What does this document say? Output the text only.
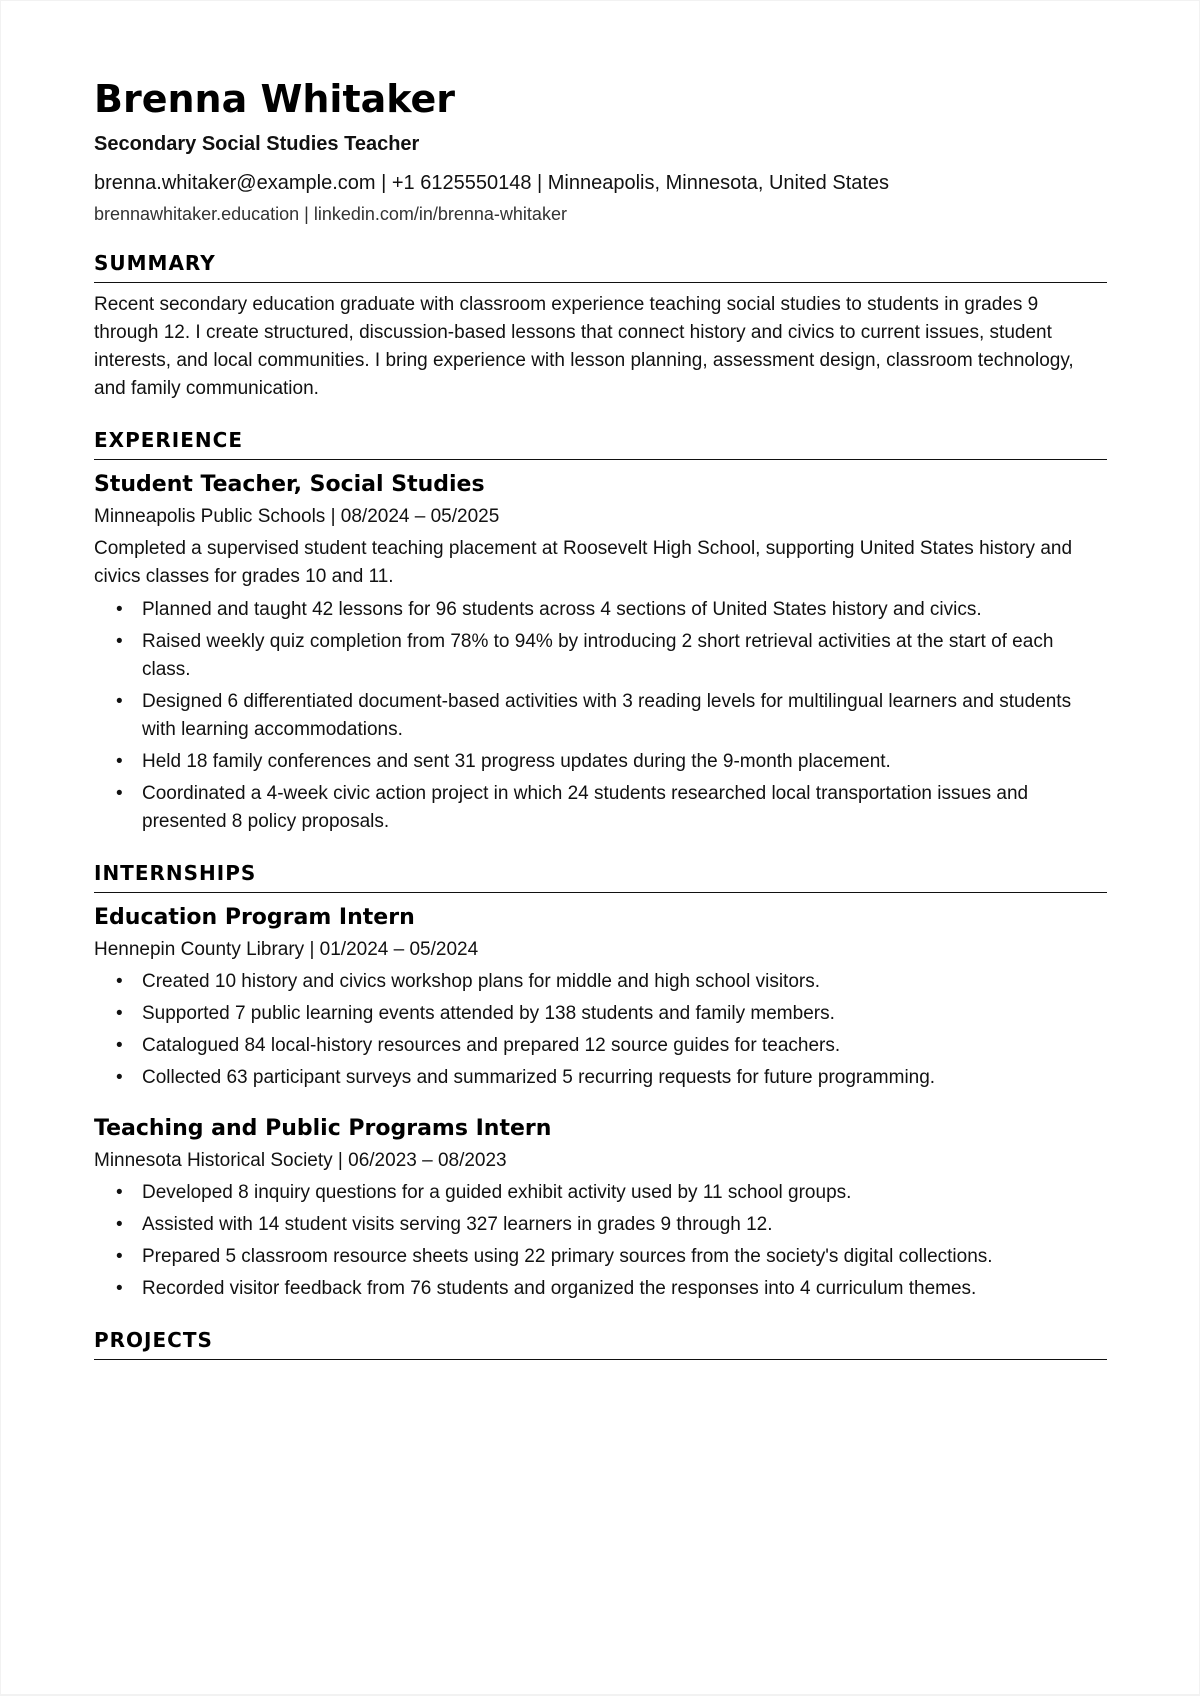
Brenna Whitaker
Secondary Social Studies Teacher
brenna.whitaker@example.com | +1 6125550148 | Minneapolis, Minnesota, United States
brennawhitaker.education | linkedin.com/in/brenna-whitaker
SUMMARY
Recent secondary education graduate with classroom experience teaching social studies to students in grades 9 through 12. I create structured, discussion-based lessons that connect history and civics to current issues, student interests, and local communities. I bring experience with lesson planning, assessment design, classroom technology, and family communication.
EXPERIENCE
Student Teacher, Social Studies
Minneapolis Public Schools | 08/2024 – 05/2025
Completed a supervised student teaching placement at Roosevelt High School, supporting United States history and civics classes for grades 10 and 11.
• Planned and taught 42 lessons for 96 students across 4 sections of United States history and civics.
• Raised weekly quiz completion from 78% to 94% by introducing 2 short retrieval activities at the start of each class.
• Designed 6 differentiated document-based activities with 3 reading levels for multilingual learners and students with learning accommodations.
• Held 18 family conferences and sent 31 progress updates during the 9-month placement.
• Coordinated a 4-week civic action project in which 24 students researched local transportation issues and presented 8 policy proposals.
INTERNSHIPS
Education Program Intern
Hennepin County Library | 01/2024 – 05/2024
• Created 10 history and civics workshop plans for middle and high school visitors.
• Supported 7 public learning events attended by 138 students and family members.
• Catalogued 84 local-history resources and prepared 12 source guides for teachers.
• Collected 63 participant surveys and summarized 5 recurring requests for future programming.
Teaching and Public Programs Intern
Minnesota Historical Society | 06/2023 – 08/2023
• Developed 8 inquiry questions for a guided exhibit activity used by 11 school groups.
• Assisted with 14 student visits serving 327 learners in grades 9 through 12.
• Prepared 5 classroom resource sheets using 22 primary sources from the society's digital collections.
• Recorded visitor feedback from 76 students and organized the responses into 4 curriculum themes.
PROJECTS
